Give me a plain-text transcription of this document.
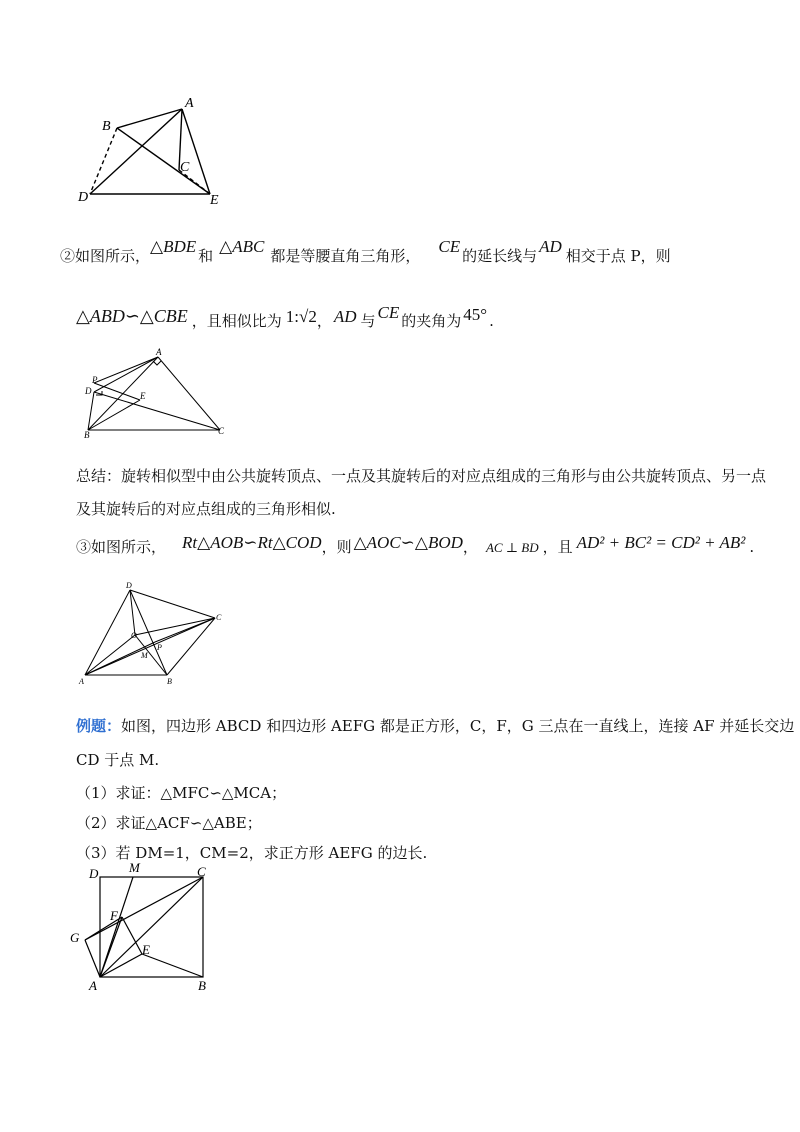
A
B
C
D	E
②如图所示，△BDE 和 △ABC 都是等腰直角三角形， CE 的延长线与 AD 相交于点 P，则
△ABD∽△CBE ，且相似比为 1:√2， AD 与 CE 的夹角为 45° .
A
P
D	E
B	C
总结：旋转相似型中由公共旋转顶点、一点及其旋转后的对应点组成的三角形与由公共旋转顶点、另一点
及其旋转后的对应点组成的三角形相似.
③如图所示， Rt△AOB∽Rt△COD，则 △AOC∽△BOD， AC ⊥ BD ，且 AD² + BC² = CD² + AB² .
D
C
O
P
M
A	B
例题：如图，四边形 ABCD 和四边形 AEFG 都是正方形，C，F，G 三点在一直线上，连接 AF 并延长交边
CD 于点 M.
（1）求证：△MFC∽△MCA；
（2）求证△ACF∽△ABE；
（3）若 DM=1，CM=2，求正方形 AEFG 的边长.
D M	C
F
G
E
A	B
